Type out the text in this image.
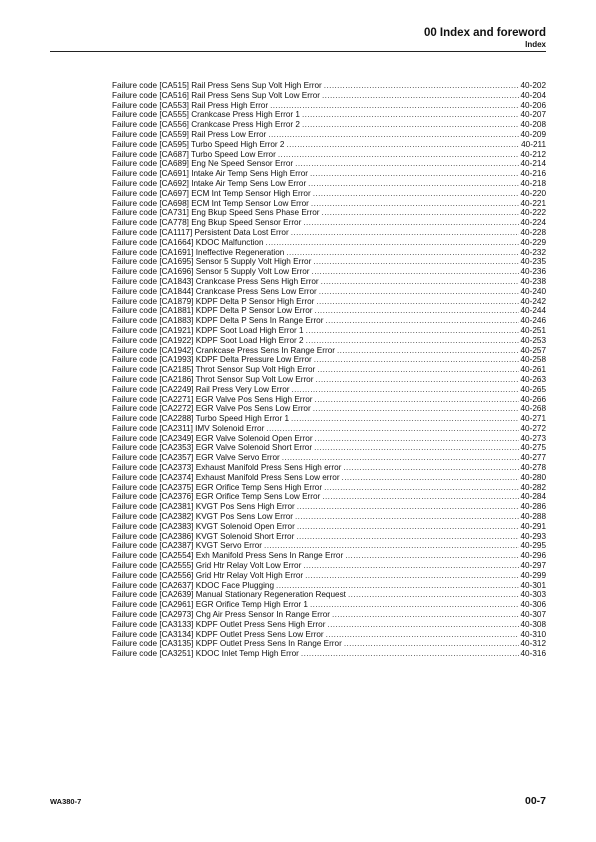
00 Index and foreword
Index
Failure code [CA515] Rail Press Sens Sup Volt High Error .....	40-202
Failure code [CA516] Rail Press Sens Sup Volt Low Error .....	40-204
Failure code [CA553] Rail Press High Error .....	40-206
Failure code [CA555] Crankcase Press High Error 1 .....	40-207
Failure code [CA556] Crankcase Press High Error 2 .....	40-208
Failure code [CA559] Rail Press Low Error .....	40-209
Failure code [CA595] Turbo Speed High Error 2 .....	40-211
Failure code [CA687] Turbo Speed Low Error .....	40-212
Failure code [CA689] Eng Ne Speed Sensor Error .....	40-214
Failure code [CA691] Intake Air Temp Sens High Error .....	40-216
Failure code [CA692] Intake Air Temp Sens Low Error .....	40-218
Failure code [CA697] ECM Int Temp Sensor High Error .....	40-220
Failure code [CA698] ECM Int Temp Sensor Low Error .....	40-221
Failure code [CA731] Eng Bkup Speed Sens Phase Error .....	40-222
Failure code [CA778] Eng Bkup Speed Sensor Error .....	40-224
Failure code [CA1117] Persistent Data Lost Error .....	40-228
Failure code [CA1664] KDOC Malfunction .....	40-229
Failure code [CA1691] Ineffective Regeneration .....	40-232
Failure code [CA1695] Sensor 5 Supply Volt High Error .....	40-235
Failure code [CA1696] Sensor 5 Supply Volt Low Error .....	40-236
Failure code [CA1843] Crankcase Press Sens High Error .....	40-238
Failure code [CA1844] Crankcase Press Sens Low Error .....	40-240
Failure code [CA1879] KDPF Delta P Sensor High Error .....	40-242
Failure code [CA1881] KDPF Delta P Sensor Low Error .....	40-244
Failure code [CA1883] KDPF Delta P Sens In Range Error .....	40-246
Failure code [CA1921] KDPF Soot Load High Error 1 .....	40-251
Failure code [CA1922] KDPF Soot Load High Error 2 .....	40-253
Failure code [CA1942] Crankcase Press Sens In Range Error .....	40-257
Failure code [CA1993] KDPF Delta Pressure Low Error .....	40-258
Failure code [CA2185] Throt Sensor Sup Volt High Error .....	40-261
Failure code [CA2186] Throt Sensor Sup Volt Low Error .....	40-263
Failure code [CA2249] Rail Press Very Low Error .....	40-265
Failure code [CA2271] EGR Valve Pos Sens High Error .....	40-266
Failure code [CA2272] EGR Valve Pos Sens Low Error .....	40-268
Failure code [CA2288] Turbo Speed High Error 1 .....	40-271
Failure code [CA2311] IMV Solenoid Error .....	40-272
Failure code [CA2349] EGR Valve Solenoid Open Error .....	40-273
Failure code [CA2353] EGR Valve Solenoid Short Error .....	40-275
Failure code [CA2357] EGR Valve Servo Error .....	40-277
Failure code [CA2373] Exhaust Manifold Press Sens High error .....	40-278
Failure code [CA2374] Exhaust Manifold Press Sens Low error .....	40-280
Failure code [CA2375] EGR Orifice Temp Sens High Error .....	40-282
Failure code [CA2376] EGR Orifice Temp Sens Low Error .....	40-284
Failure code [CA2381] KVGT Pos Sens High Error .....	40-286
Failure code [CA2382] KVGT Pos Sens Low Error .....	40-288
Failure code [CA2383] KVGT Solenoid Open Error .....	40-291
Failure code [CA2386] KVGT Solenoid Short Error .....	40-293
Failure code [CA2387] KVGT Servo Error .....	40-295
Failure code [CA2554] Exh Manifold Press Sens In Range Error .....	40-296
Failure code [CA2555] Grid Htr Relay Volt Low Error .....	40-297
Failure code [CA2556] Grid Htr Relay Volt High Error .....	40-299
Failure code [CA2637] KDOC Face Plugging .....	40-301
Failure code [CA2639] Manual Stationary Regeneration Request .....	40-303
Failure code [CA2961] EGR Orifice Temp High Error 1 .....	40-306
Failure code [CA2973] Chg Air Press Sensor In Range Error .....	40-307
Failure code [CA3133] KDPF Outlet Press Sens High Error .....	40-308
Failure code [CA3134] KDPF Outlet Press Sens Low Error .....	40-310
Failure code [CA3135] KDPF Outlet Press Sens In Range Error .....	40-312
Failure code [CA3251] KDOC Inlet Temp High Error .....	40-316
WA380-7	00-7
